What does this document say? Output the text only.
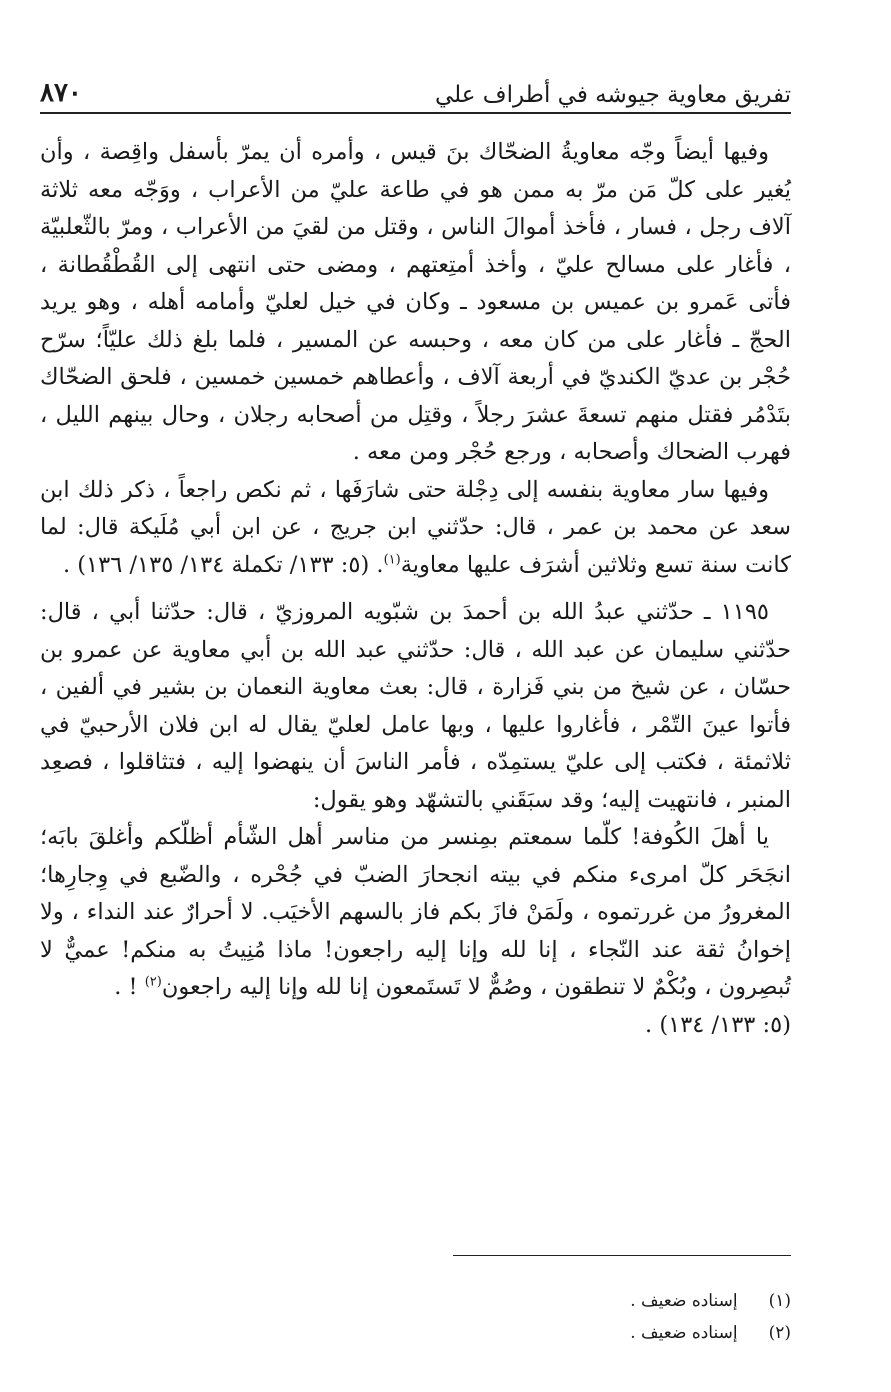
تفريق معاوية جيوشه في أطراف علي
٨٧٠

وفيها أيضاً وجّه معاويةُ الضحّاك بنَ قيس ، وأمره أن يمرّ بأسفل واقِصة ، وأن يُغير على كلّ مَن مرّ به ممن هو في طاعة عليّ من الأعراب ، ووَجّه معه ثلاثة آلاف رجل ، فسار ، فأخذ أموالَ الناس ، وقتل من لقيَ من الأعراب ، ومرّ بالثّعلبيّة ، فأغار على مسالح عليّ ، وأخذ أمتِعتهم ، ومضى حتى انتهى إلى القُطْقُطانة ، فأتى عَمرو بن عميس بن مسعود ـ وكان في خيل لعليّ وأمامه أهله ، وهو يريد الحجّ ـ فأغار على من كان معه ، وحبسه عن المسير ، فلما بلغ ذلك عليّاً؛ سرّح حُجْر بن عديّ الكنديّ في أربعة آلاف ، وأعطاهم خمسين خمسين ، فلحق الضحّاك بتَدْمُر فقتل منهم تسعةَ عشرَ رجلاً ، وقتِل من أصحابه رجلان ، وحال بينهم الليل ، فهرب الضحاك وأصحابه ، ورجع حُجْر ومن معه .

وفيها سار معاوية بنفسه إلى دِجْلة حتى شارَفَها ، ثم نكص راجعاً ، ذكر ذلك ابن سعد عن محمد بن عمر ، قال: حدّثني ابن جريج ، عن ابن أبي مُلَيكة قال: لما كانت سنة تسع وثلاثين أشرَف عليها معاوية$^{(١)}$. (٥: ١٣٣/ تكملة ١٣٤/ ١٣٥/ ١٣٦) .

١١٩٥ ـ حدّثني عبدُ الله بن أحمدَ بن شبّويه المروزيّ ، قال: حدّثنا أبي ، قال: حدّثني سليمان عن عبد الله ، قال: حدّثني عبد الله بن أبي معاوية عن عمرو بن حسّان ، عن شيخ من بني فَزارة ، قال: بعث معاوية النعمان بن بشير في ألفين ، فأتوا عينَ التّمْر ، فأغاروا عليها ، وبها عامل لعليّ يقال له ابن فلان الأرحبيّ في ثلاثمئة ، فكتب إلى عليّ يستمِدّه ، فأمر الناسَ أن ينهضوا إليه ، فتثاقلوا ، فصعِد المنبر ، فانتهيت إليه؛ وقد سبَقَني بالتشهّد وهو يقول:

يا أهلَ الكُوفة! كلّما سمعتم بمِنسر من مناسر أهل الشّأم أظلّكم وأغلقَ بابَه؛ انجَحَر كلّ امرىء منكم في بيته انجحارَ الضبّ في جُحْره ، والضّبع في وِجارِها؛ المغرورُ من غررتموه ، ولَمَنْ فازَ بكم فاز بالسهم الأخيَب. لا أحرارٌ عند النداء ، ولا إخوانُ ثقة عند النّجاء ، إنا لله وإنا إليه راجعون! ماذا مُنِيتُ به منكم! عميٌّ لا تُبصِرون ، وبُكْمٌ لا تنطقون ، وصُمٌّ لا تَستَمعون إنا لله وإنا إليه راجعون$^{(٢)}$ ! .
(٥: ١٣٣/ ١٣٤) .

(١) إسناده ضعيف .

(٢) إسناده ضعيف .
